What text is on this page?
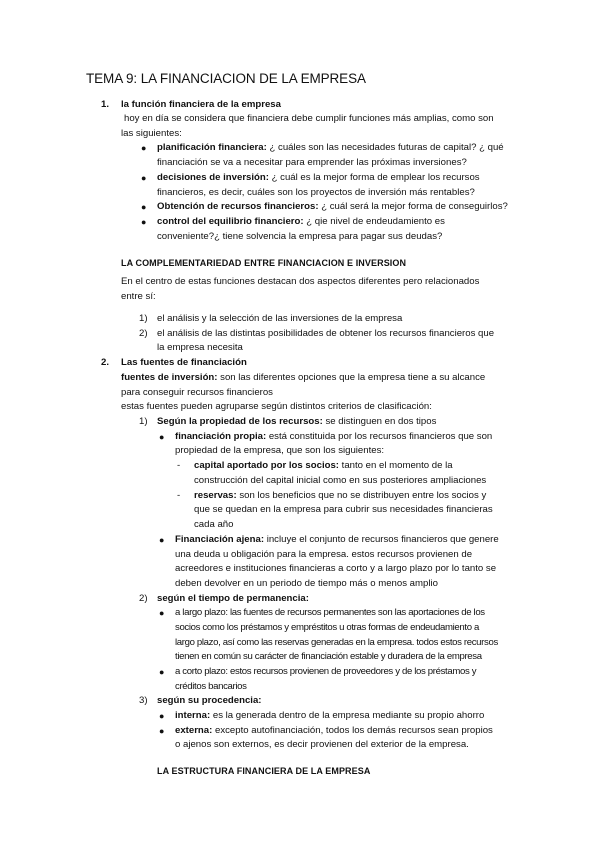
TEMA 9: LA FINANCIACION DE LA EMPRESA
1. la función financiera de la empresa
hoy en día se considera que financiera debe cumplir funciones más amplias, como son
las siguientes:
● planificación financiera: ¿ cuáles son las necesidades futuras de capital? ¿ qué
financiación se va a necesitar para emprender las próximas inversiones?
● decisiones de inversión: ¿ cuál es la mejor forma de emplear los recursos
financieros, es decir, cuáles son los proyectos de inversión más rentables?
● Obtención de recursos financieros: ¿ cuál será la mejor forma de conseguirlos?
● control del equilibrio financiero: ¿ qie nivel de endeudamiento es
conveniente?¿ tiene solvencia la empresa para pagar sus deudas?
LA COMPLEMENTARIEDAD ENTRE FINANCIACION E INVERSION
En el centro de estas funciones destacan dos aspectos diferentes pero relacionados
entre sí:
1) el análisis y la selección de las inversiones de la empresa
2) el análisis de las distintas posibilidades de obtener los recursos financieros que
la empresa necesita
2. Las fuentes de financiación
fuentes de inversión: son las diferentes opciones que la empresa tiene a su alcance
para conseguir recursos financieros
estas fuentes pueden agruparse según distintos criterios de clasificación:
1) Según la propiedad de los recursos: se distinguen en dos tipos
● financiación propia: está constituida por los recursos financieros que son
propiedad de la empresa, que son los siguientes:
- capital aportado por los socios: tanto en el momento de la
construcción del capital inicial como en sus posteriores ampliaciones
- reservas: son los beneficios que no se distribuyen entre los socios y
que se quedan en la empresa para cubrir sus necesidades financieras
cada año
● Financiación ajena: incluye el conjunto de recursos financieros que genere
una deuda u obligación para la empresa. estos recursos provienen de
acreedores e instituciones financieras a corto y a largo plazo por lo tanto se
deben devolver en un periodo de tiempo más o menos amplio
2) según el tiempo de permanencia:
● a largo plazo: las fuentes de recursos permanentes son las aportaciones de los
socios como los préstamos y empréstitos u otras formas de endeudamiento a
largo plazo, así como las reservas generadas en la empresa. todos estos recursos
tienen en común su carácter de financiación estable y duradera de la empresa
● a corto plazo: estos recursos provienen de proveedores y de los préstamos y
créditos bancarios
3) según su procedencia:
● interna: es la generada dentro de la empresa mediante su propio ahorro
● externa: excepto autofinanciación, todos los demás recursos sean propios
o ajenos son externos, es decir provienen del exterior de la empresa.
LA ESTRUCTURA FINANCIERA DE LA EMPRESA
